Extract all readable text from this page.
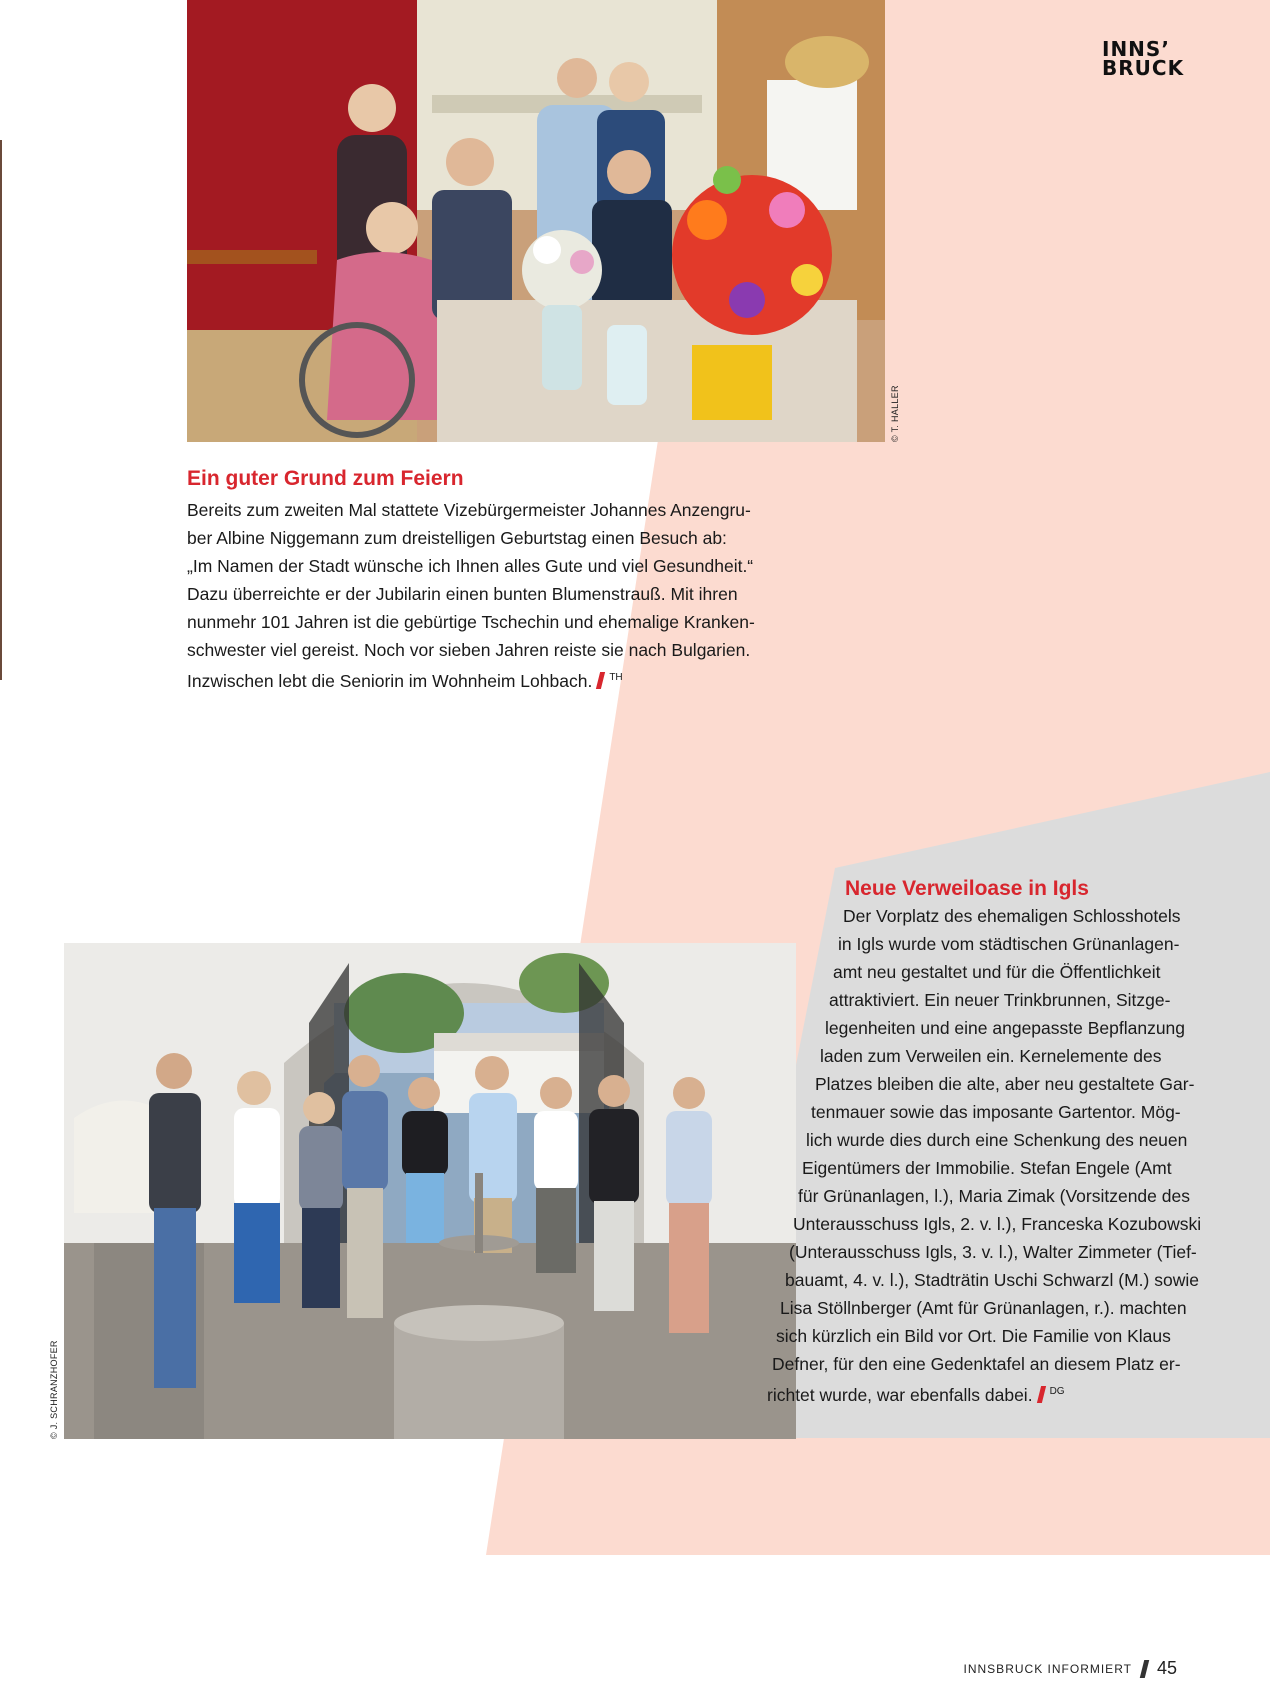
INNS’
BRUCK
© T. HALLER
Ein guter Grund zum Feiern
Bereits zum zweiten Mal stattete Vizebürgermeister Johannes Anzengru-
ber Albine Niggemann zum dreistelligen Geburtstag einen Besuch ab:
„Im Namen der Stadt wünsche ich Ihnen alles Gute und viel Gesundheit.“
Dazu überreichte er der Jubilarin einen bunten Blumenstrauß. Mit ihren
nunmehr 101 Jahren ist die gebürtige Tschechin und ehemalige Kranken-
schwester viel gereist. Noch vor sieben Jahren reiste sie nach Bulgarien.
Inzwischen lebt die Seniorin im Wohnheim Lohbach. $^{TH}$
© J. SCHRANZHOFER
Neue Verweiloase in Igls
Der Vorplatz des ehemaligen Schlosshotels
in Igls wurde vom städtischen Grünanlagen-
amt neu gestaltet und für die Öffentlichkeit
attraktiviert. Ein neuer Trinkbrunnen, Sitzge-
legenheiten und eine angepasste Bepflanzung
laden zum Verweilen ein. Kernelemente des
Platzes bleiben die alte, aber neu gestaltete Gar-
tenmauer sowie das imposante Gartentor. Mög-
lich wurde dies durch eine Schenkung des neuen
Eigentümers der Immobilie. Stefan Engele (Amt
für Grünanlagen, l.), Maria Zimak (Vorsitzende des
Unterausschuss Igls, 2. v. l.), Franceska Kozubowski
(Unterausschuss Igls, 3. v. l.), Walter Zimmeter (Tief-
bauamt, 4. v. l.), Stadträtin Uschi Schwarzl (M.) sowie
Lisa Stöllnberger (Amt für Grünanlagen, r.). machten
sich kürzlich ein Bild vor Ort. Die Familie von Klaus
Defner, für den eine Gedenktafel an diesem Platz er-
richtet wurde, war ebenfalls dabei. $^{DG}$
INNSBRUCK INFORMIERT 45
